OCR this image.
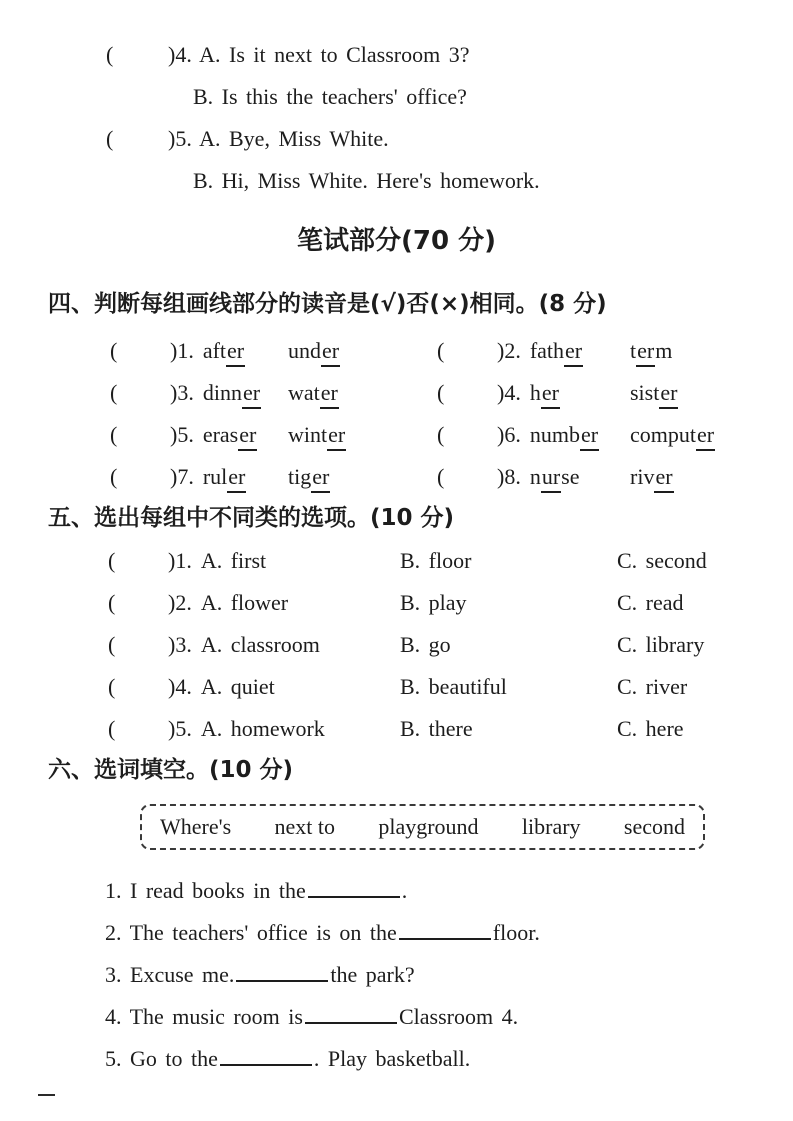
(	)4. A. Is it next to Classroom 3?
B. Is this the teachers' office?
(	)5. A. Bye, Miss White.
B. Hi, Miss White. Here's homework.
笔试部分(70 分)
四、判断每组画线部分的读音是(√)否(×)相同。(8 分)
(	)1. after	under	(	)2. father	term
(	)3. dinner	water	(	)4. her	sister
(	)5. eraser	winter	(	)6. number	computer
(	)7. ruler	tiger	(	)8. nurse	river
五、选出每组中不同类的选项。(10 分)
(	)1. A. first	B. floor	C. second
(	)2. A. flower	B. play	C. read
(	)3. A. classroom	B. go	C. library
(	)4. A. quiet	B. beautiful	C. river
(	)5. A. homework	B. there	C. here
六、选词填空。(10 分)
Where's next to playground library second
1. I read books in the	.
2. The teachers' office is on the	floor.
3. Excuse me.	the park?
4. The music room is	Classroom 4.
5. Go to the	. Play basketball.
